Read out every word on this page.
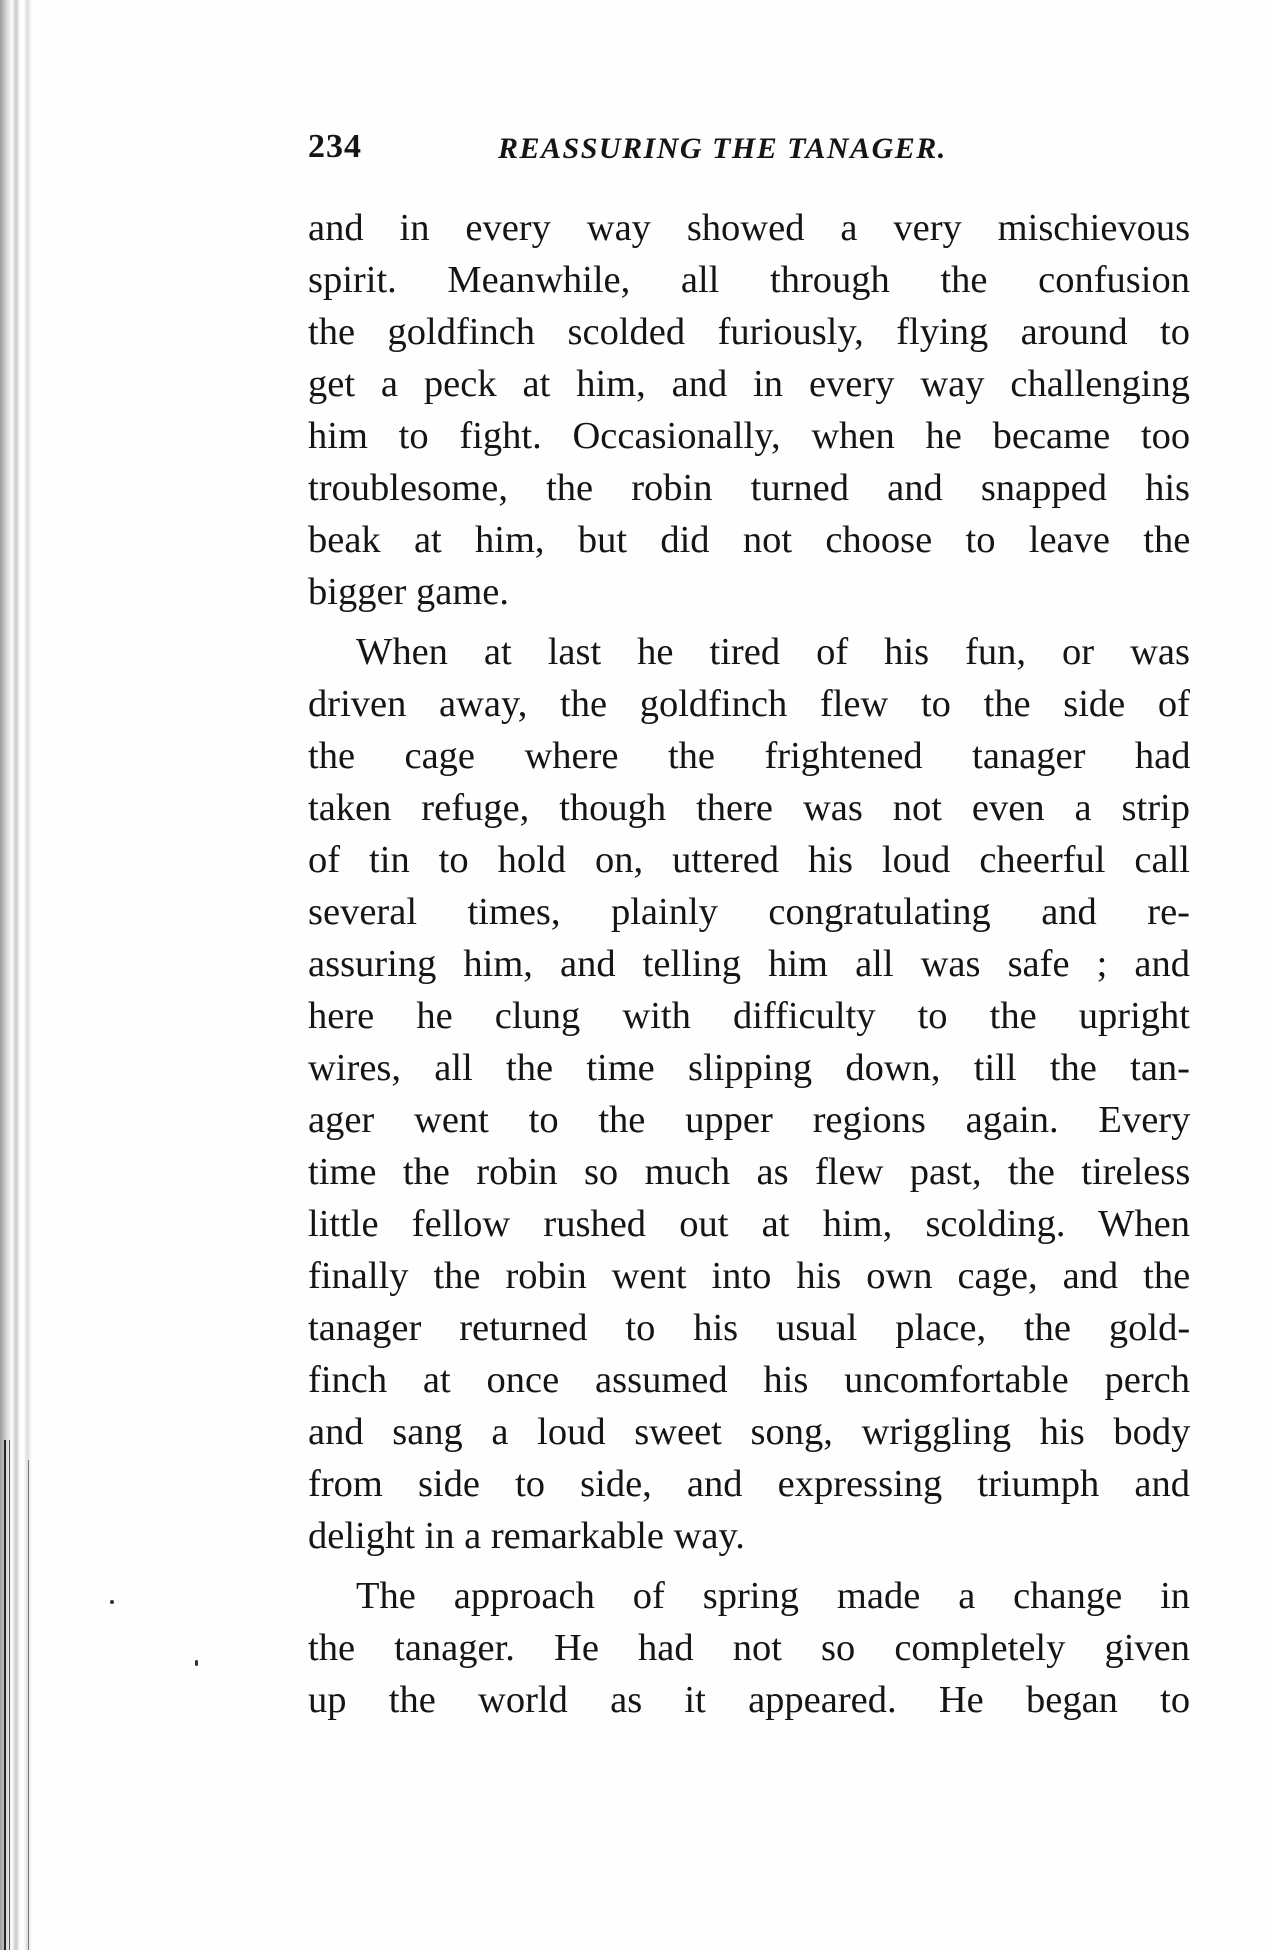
234	REASSURING THE TANAGER.
and in every way showed a very mischievous
spirit. Meanwhile, all through the confusion
the goldfinch scolded furiously, flying around to
get a peck at him, and in every way challenging
him to fight. Occasionally, when he became too
troublesome, the robin turned and snapped his
beak at him, but did not choose to leave the
bigger game.
When at last he tired of his fun, or was
driven away, the goldfinch flew to the side of
the cage where the frightened tanager had
taken refuge, though there was not even a strip
of tin to hold on, uttered his loud cheerful call
several times, plainly congratulating and re-
assuring him, and telling him all was safe ; and
here he clung with difficulty to the upright
wires, all the time slipping down, till the tan-
ager went to the upper regions again. Every
time the robin so much as flew past, the tireless
little fellow rushed out at him, scolding. When
finally the robin went into his own cage, and the
tanager returned to his usual place, the gold-
finch at once assumed his uncomfortable perch
and sang a loud sweet song, wriggling his body
from side to side, and expressing triumph and
delight in a remarkable way.
The approach of spring made a change in
the tanager. He had not so completely given
up the world as it appeared. He began to
